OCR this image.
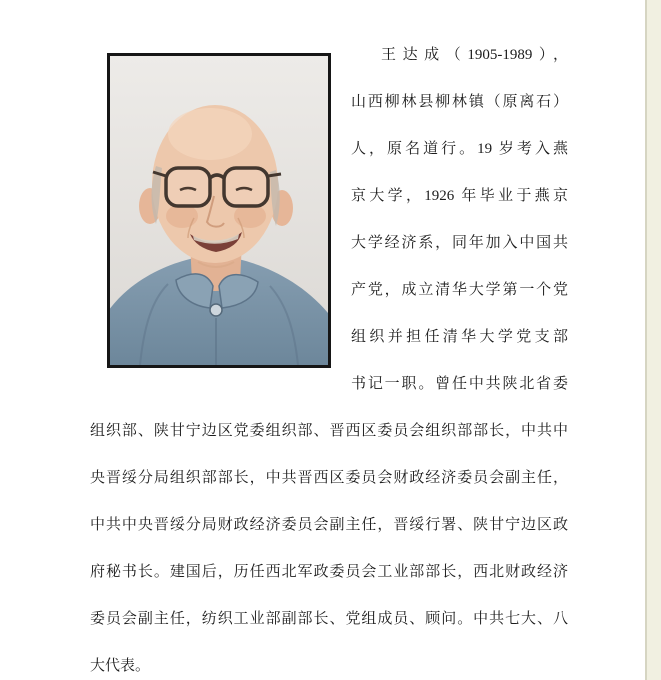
王达成（1905-1989），
山西柳林县柳林镇（原离石）
人，原名道行。19 岁考入燕
京大学，1926 年毕业于燕京
大学经济系，同年加入中国共
产党，成立清华大学第一个党
组织并担任清华大学党支部
书记一职。曾任中共陕北省委
组织部、陕甘宁边区党委组织部、晋西区委员会组织部部长，中共中
央晋绥分局组织部部长，中共晋西区委员会财政经济委员会副主任，
中共中央晋绥分局财政经济委员会副主任，晋绥行署、陕甘宁边区政
府秘书长。建国后，历任西北军政委员会工业部部长，西北财政经济
委员会副主任，纺织工业部副部长、党组成员、顾问。中共七大、八
大代表。
